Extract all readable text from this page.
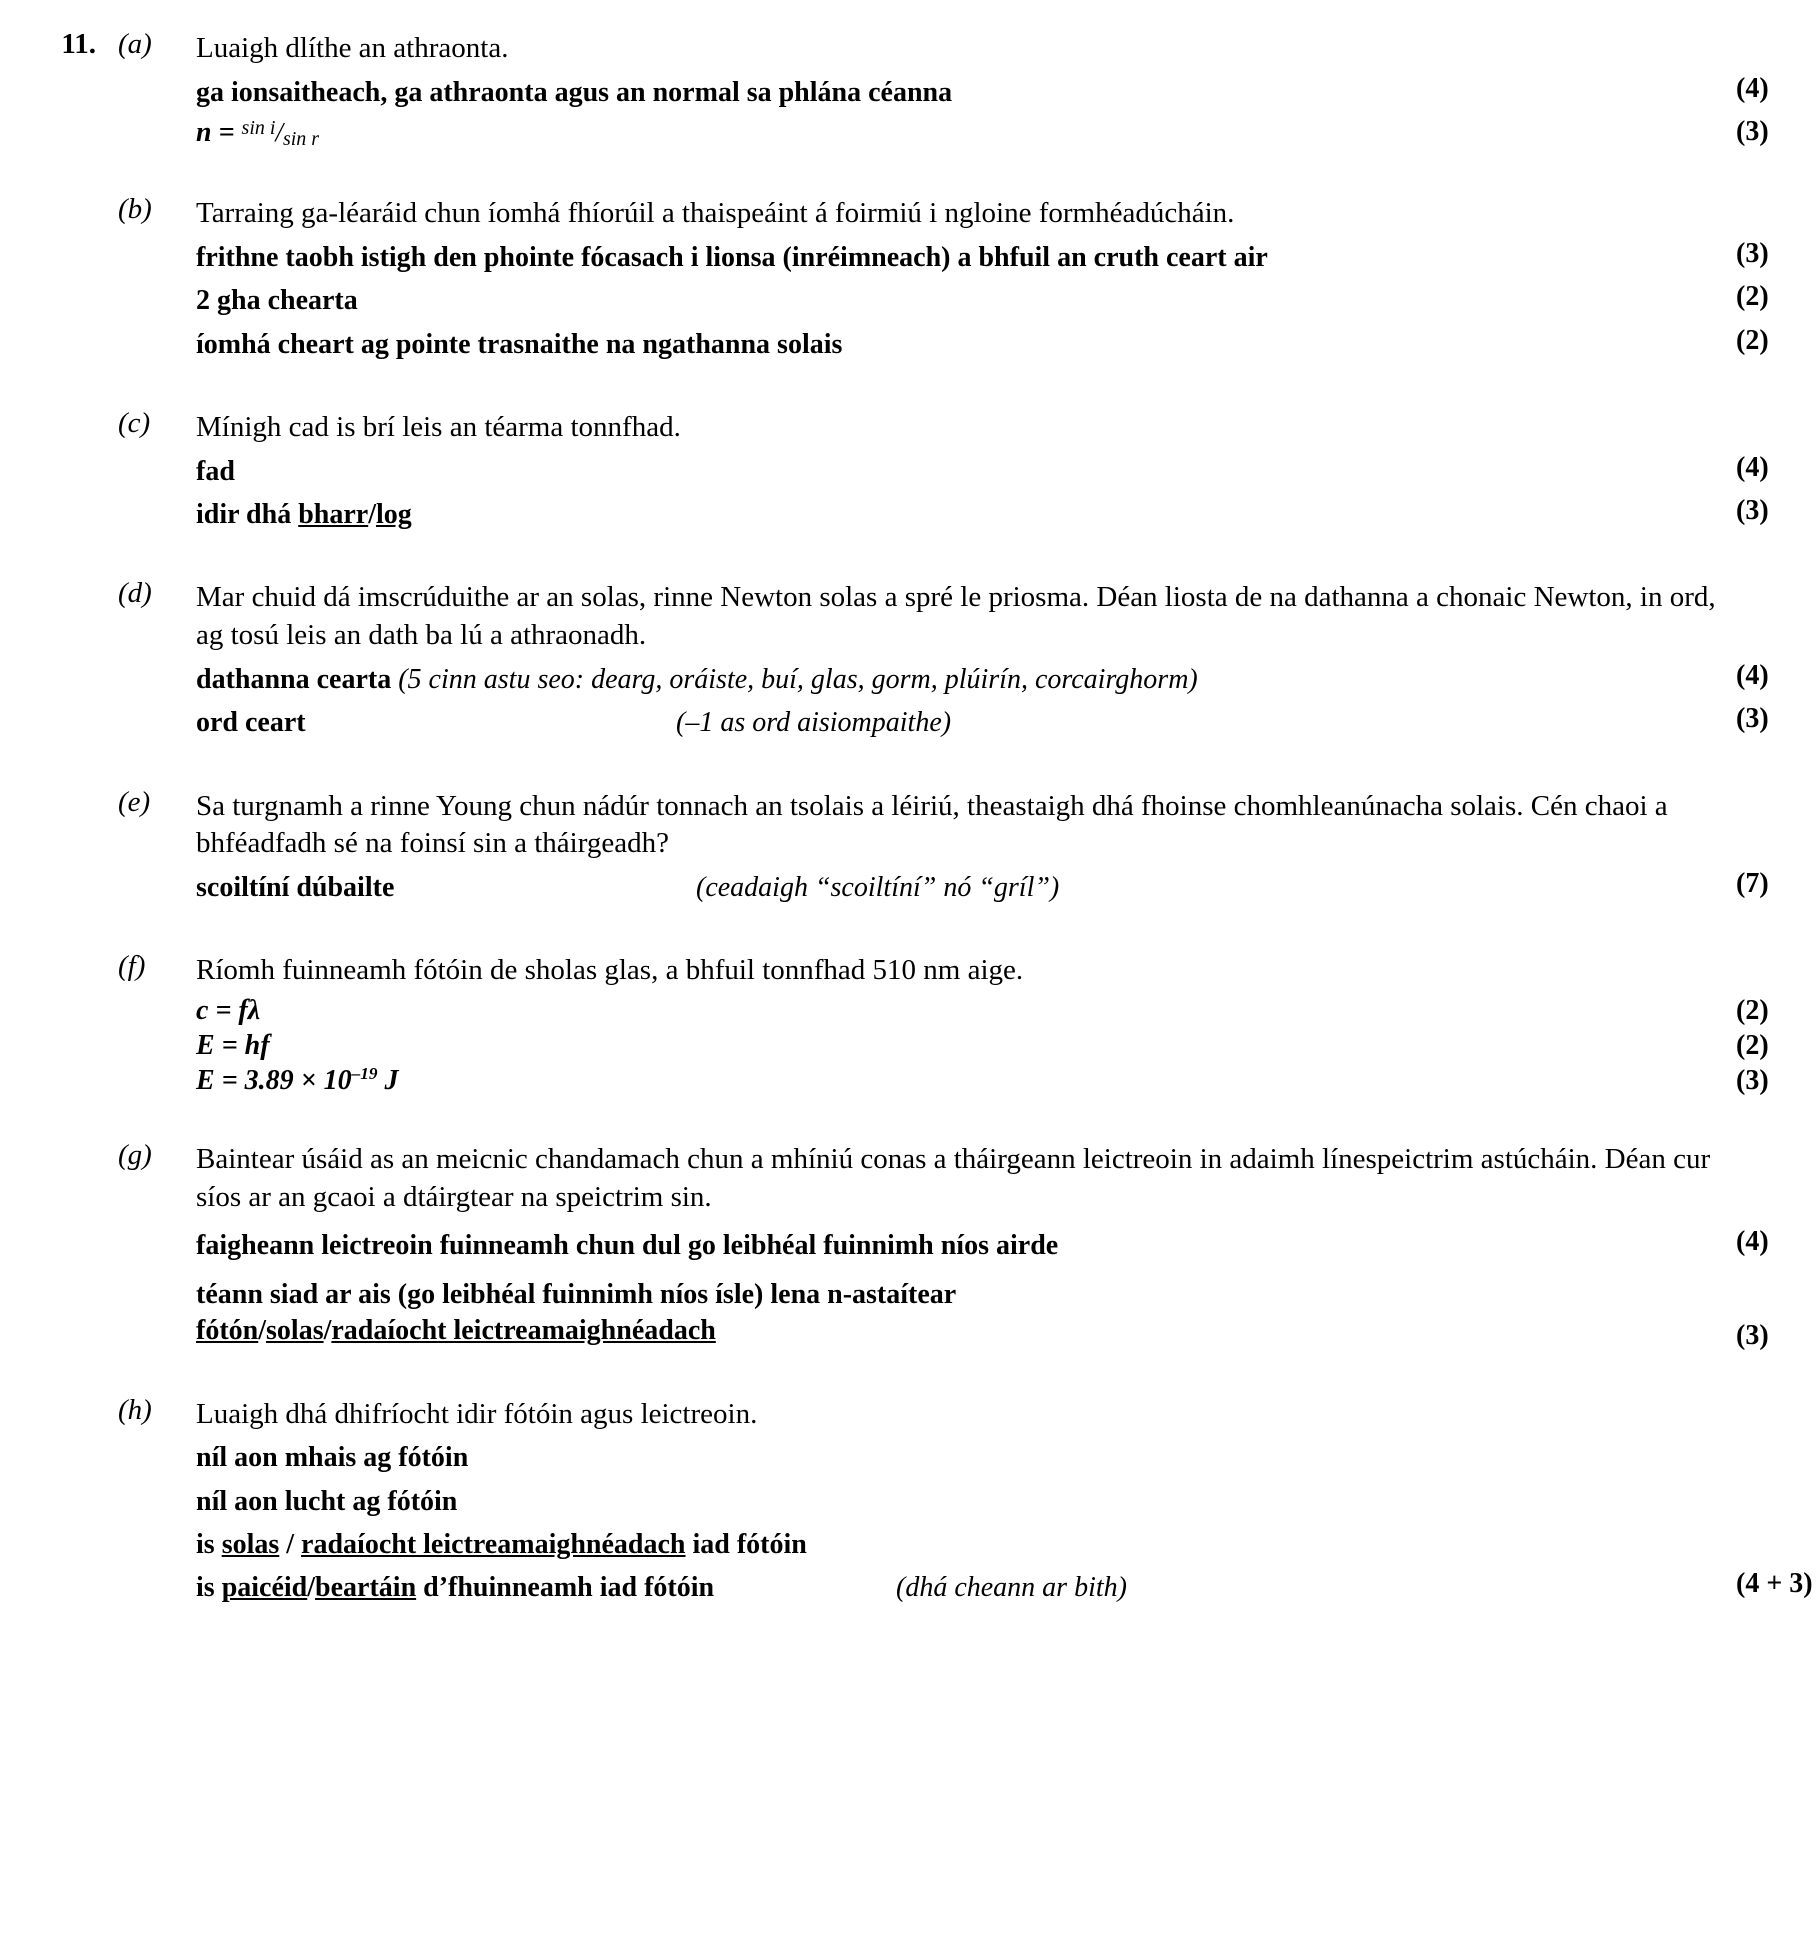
11. (a)	Luaigh dlíthe an athraonta.
ga ionsaitheach, ga athraonta agus an normal sa phlána céanna	(4)
n = $^{sin i}$/sin r	(3)
(b)	Tarraing ga-léaráid chun íomhá fhíorúil a thaispeáint á foirmiú i ngloine formhéadúcháin.
frithne taobh istigh den phointe fócasach i lionsa (inréimneach) a bhfuil an cruth ceart air	(3)
2 gha chearta	(2)
íomhá cheart ag pointe trasnaithe na ngathanna solais	(2)
(c)	Mínigh cad is brí leis an téarma tonnfhad.
fad	(4)
idir dhá bharr/log	(3)
(d)	Mar chuid dá imscrúduithe ar an solas, rinne Newton solas a spré le priosma. Déan liosta de na dathanna a chonaic Newton, in ord, ag tosú leis an dath ba lú a athraonadh.
dathanna cearta (5 cinn astu seo: dearg, oráiste, buí, glas, gorm, plúirín, corcairghorm)	(4)
ord ceart	(–1 as ord aisiompaithe)	(3)
(e)	Sa turgnamh a rinne Young chun nádúr tonnach an tsolais a léiriú, theastaigh dhá fhoinse chomhleanúnacha solais. Cén chaoi a bhféadfadh sé na foinsí sin a tháirgeadh?
scoiltíní dúbailte	(ceadaigh “scoiltíní” nó “gríl”)	(7)
(f)	Ríomh fuinneamh fótóin de sholas glas, a bhfuil tonnfhad 510 nm aige.
c = fλ	(2)
E = hf	(2)
$E = 3.89 \times 10^{-19}$ J	(3)
(g)	Baintear úsáid as an meicnic chandamach chun a mhíniú conas a tháirgeann leictreoin in adaimh línespeictrim astúcháin. Déan cur síos ar an gcaoi a dtáirgtear na speictrim sin.
faigheann leictreoin fuinneamh chun dul go leibhéal fuinnimh níos airde	(4)
téann siad ar ais (go leibhéal fuinnimh níos ísle) lena n-astaítear
fótón/solas/radaíocht leictreamaighnéadach	(3)
(h)	Luaigh dhá dhifríocht idir fótóin agus leictreoin.
níl aon mhais ag fótóin
níl aon lucht ag fótóin
is solas / radaíocht leictreamaighnéadach iad fótóin
is paicéid/beartáin d’fhuinneamh iad fótóin	(dhá cheann ar bith)	(4 + 3)
